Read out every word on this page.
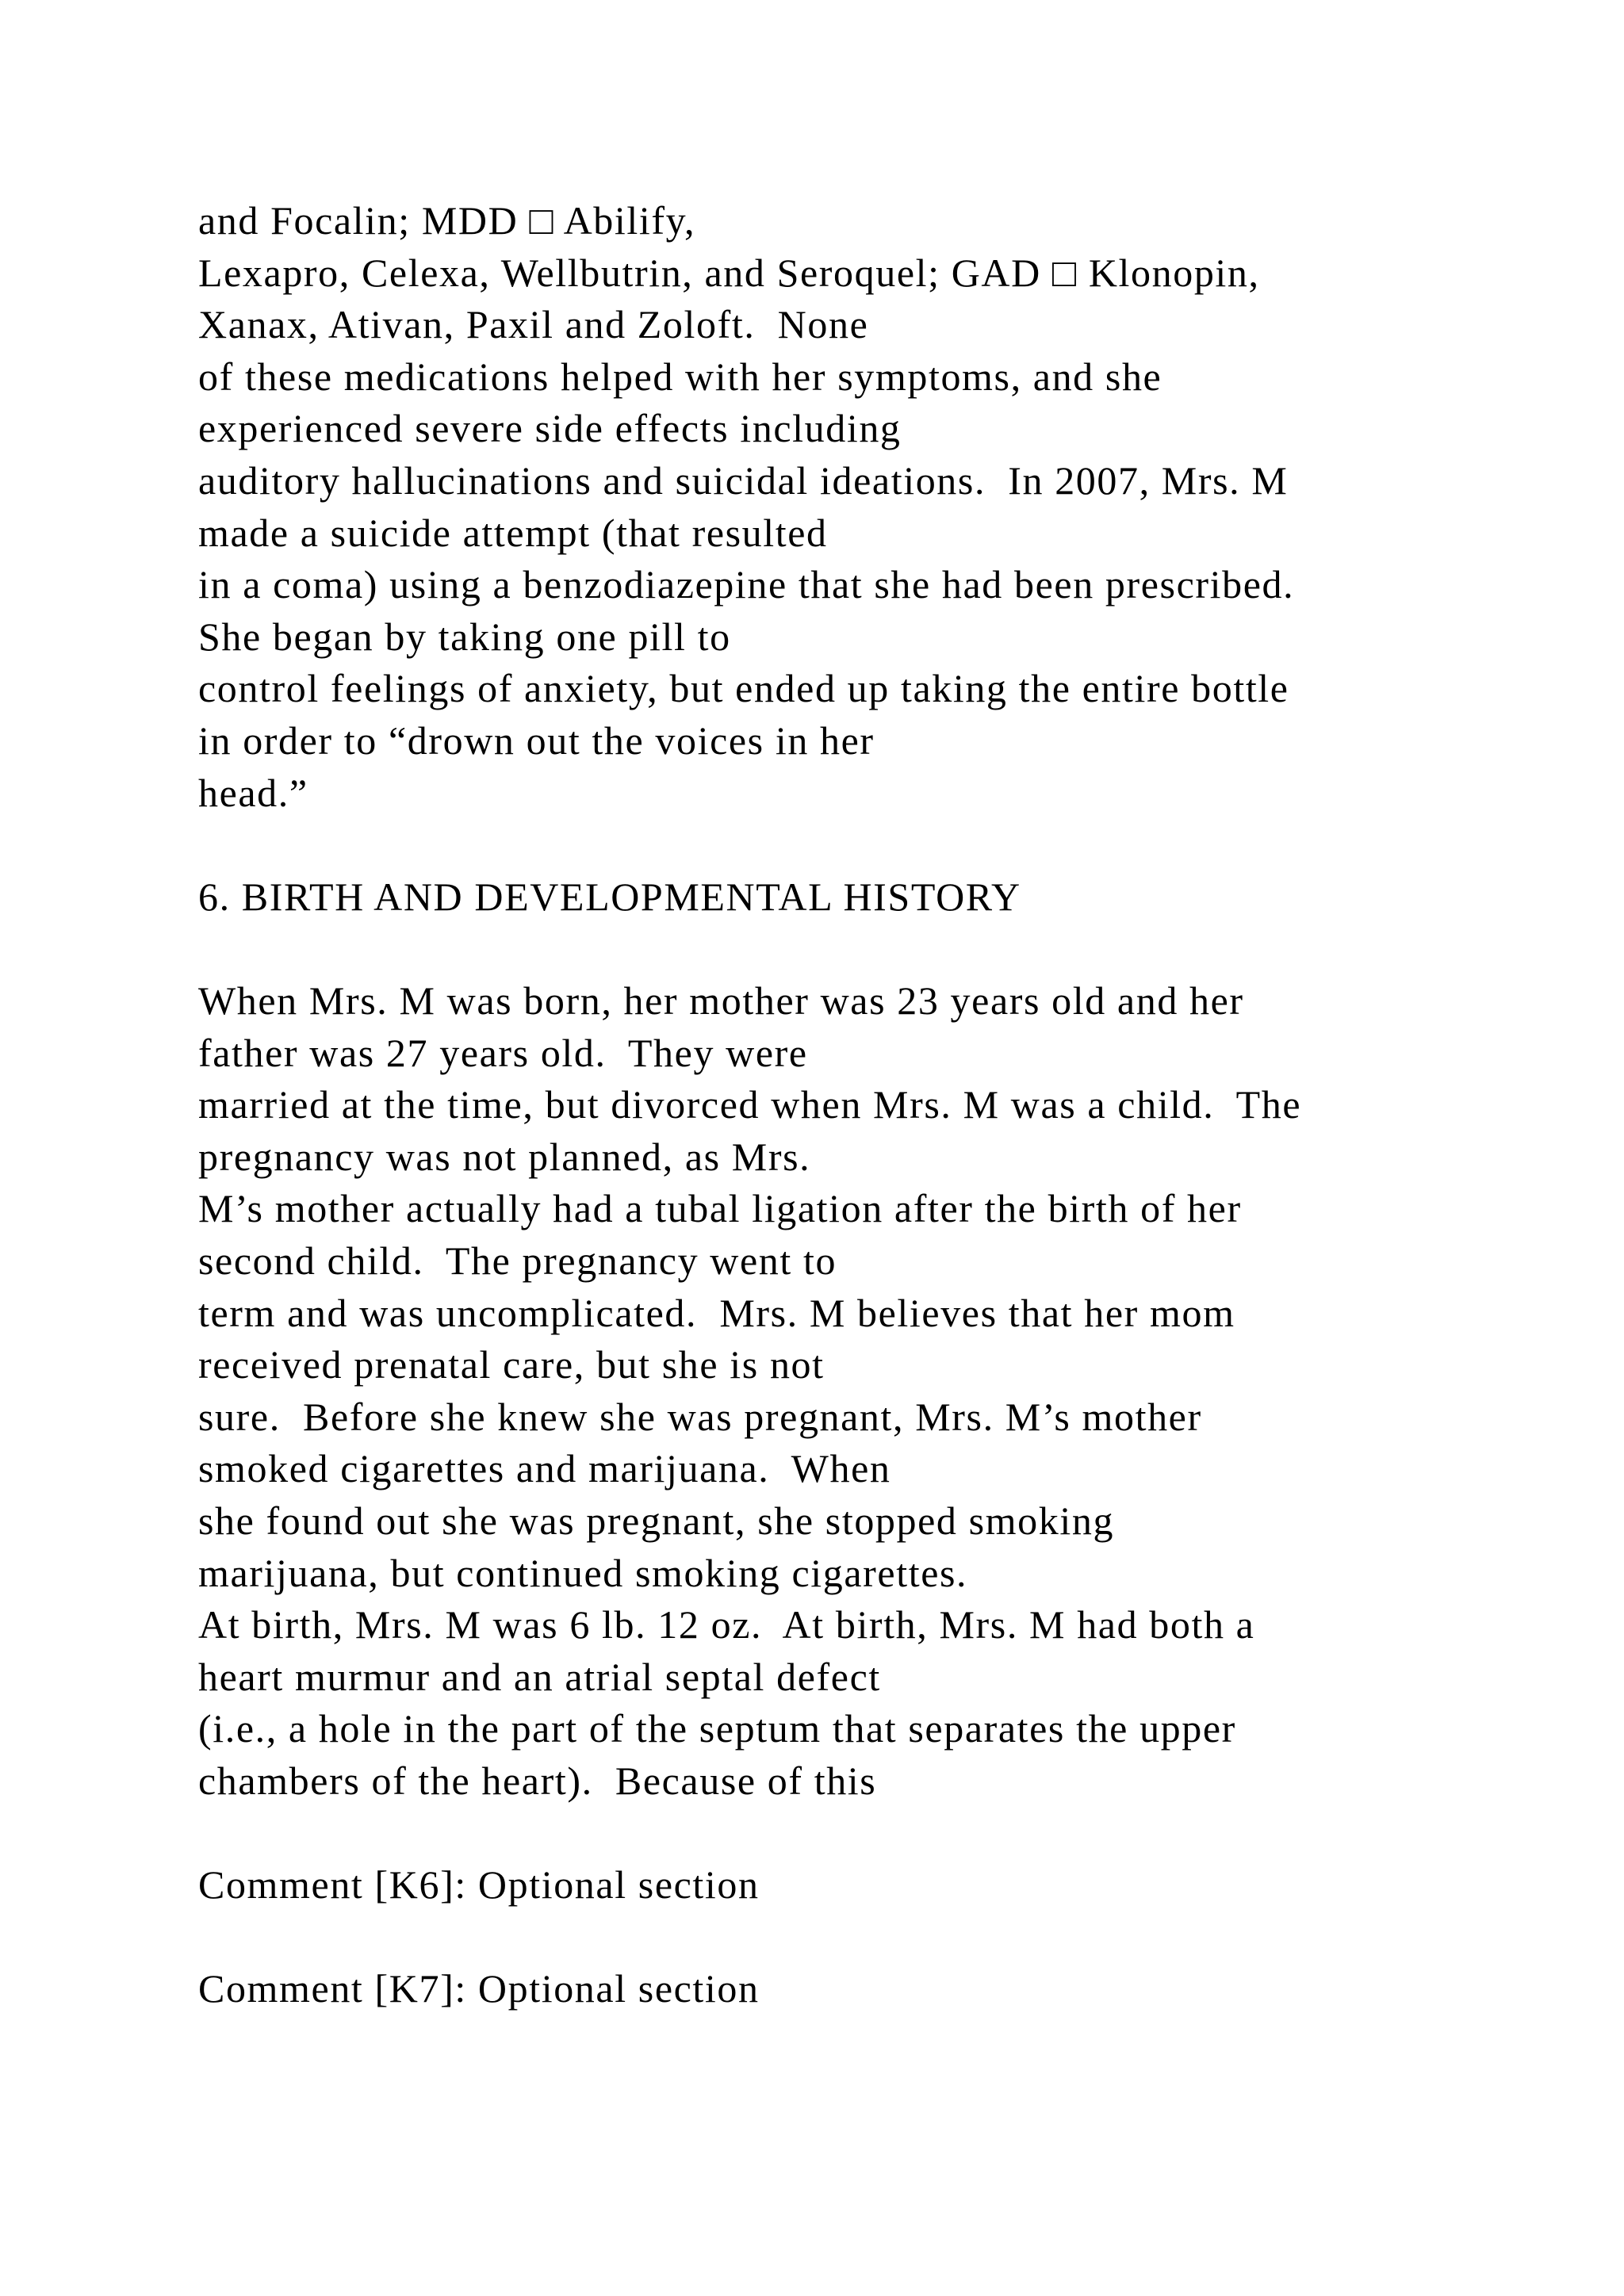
and Focalin; MDD □ Abilify,
Lexapro, Celexa, Wellbutrin, and Seroquel; GAD □ Klonopin,
Xanax, Ativan, Paxil and Zoloft.  None
of these medications helped with her symptoms, and she
experienced severe side effects including
auditory hallucinations and suicidal ideations.  In 2007, Mrs. M
made a suicide attempt (that resulted
in a coma) using a benzodiazepine that she had been prescribed.
She began by taking one pill to
control feelings of anxiety, but ended up taking the entire bottle
in order to “drown out the voices in her
head.”
6. BIRTH AND DEVELOPMENTAL HISTORY
When Mrs. M was born, her mother was 23 years old and her
father was 27 years old.  They were
married at the time, but divorced when Mrs. M was a child.  The
pregnancy was not planned, as Mrs.
M’s mother actually had a tubal ligation after the birth of her
second child.  The pregnancy went to
term and was uncomplicated.  Mrs. M believes that her mom
received prenatal care, but she is not
sure.  Before she knew she was pregnant, Mrs. M’s mother
smoked cigarettes and marijuana.  When
she found out she was pregnant, she stopped smoking
marijuana, but continued smoking cigarettes.
At birth, Mrs. M was 6 lb. 12 oz.  At birth, Mrs. M had both a
heart murmur and an atrial septal defect
(i.e., a hole in the part of the septum that separates the upper
chambers of the heart).  Because of this
Comment [K6]: Optional section
Comment [K7]: Optional section
